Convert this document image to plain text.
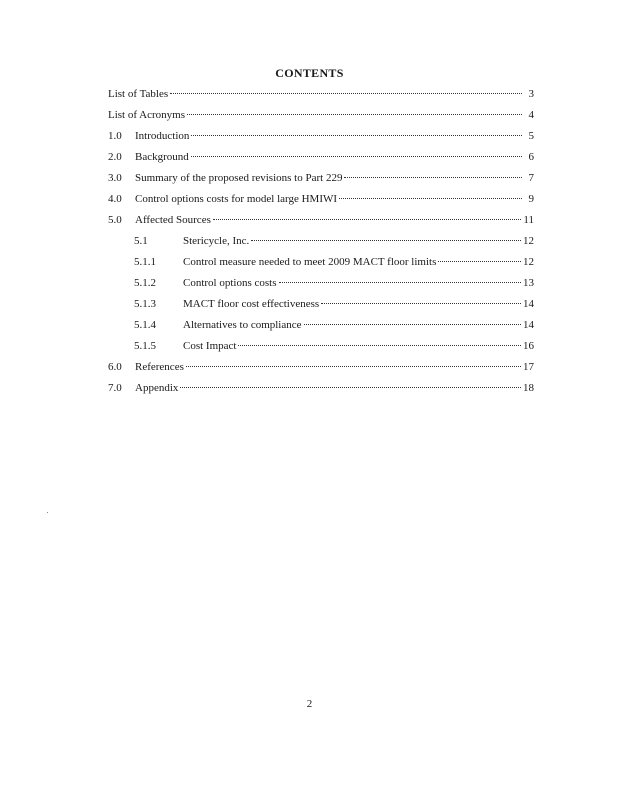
CONTENTS
List of Tables	3
List of Acronyms	4
1.0	Introduction	5
2.0	Background	6
3.0	Summary of the proposed revisions to Part 229	7
4.0	Control options costs for model large HMIWI	9
5.0	Affected Sources	11
5.1	Stericycle, Inc.	12
5.1.1	Control measure needed to meet 2009 MACT floor limits	12
5.1.2	Control options costs	13
5.1.3	MACT floor cost effectiveness	14
5.1.4	Alternatives to compliance	14
5.1.5	Cost Impact	16
6.0	References	17
7.0	Appendix	18
2
